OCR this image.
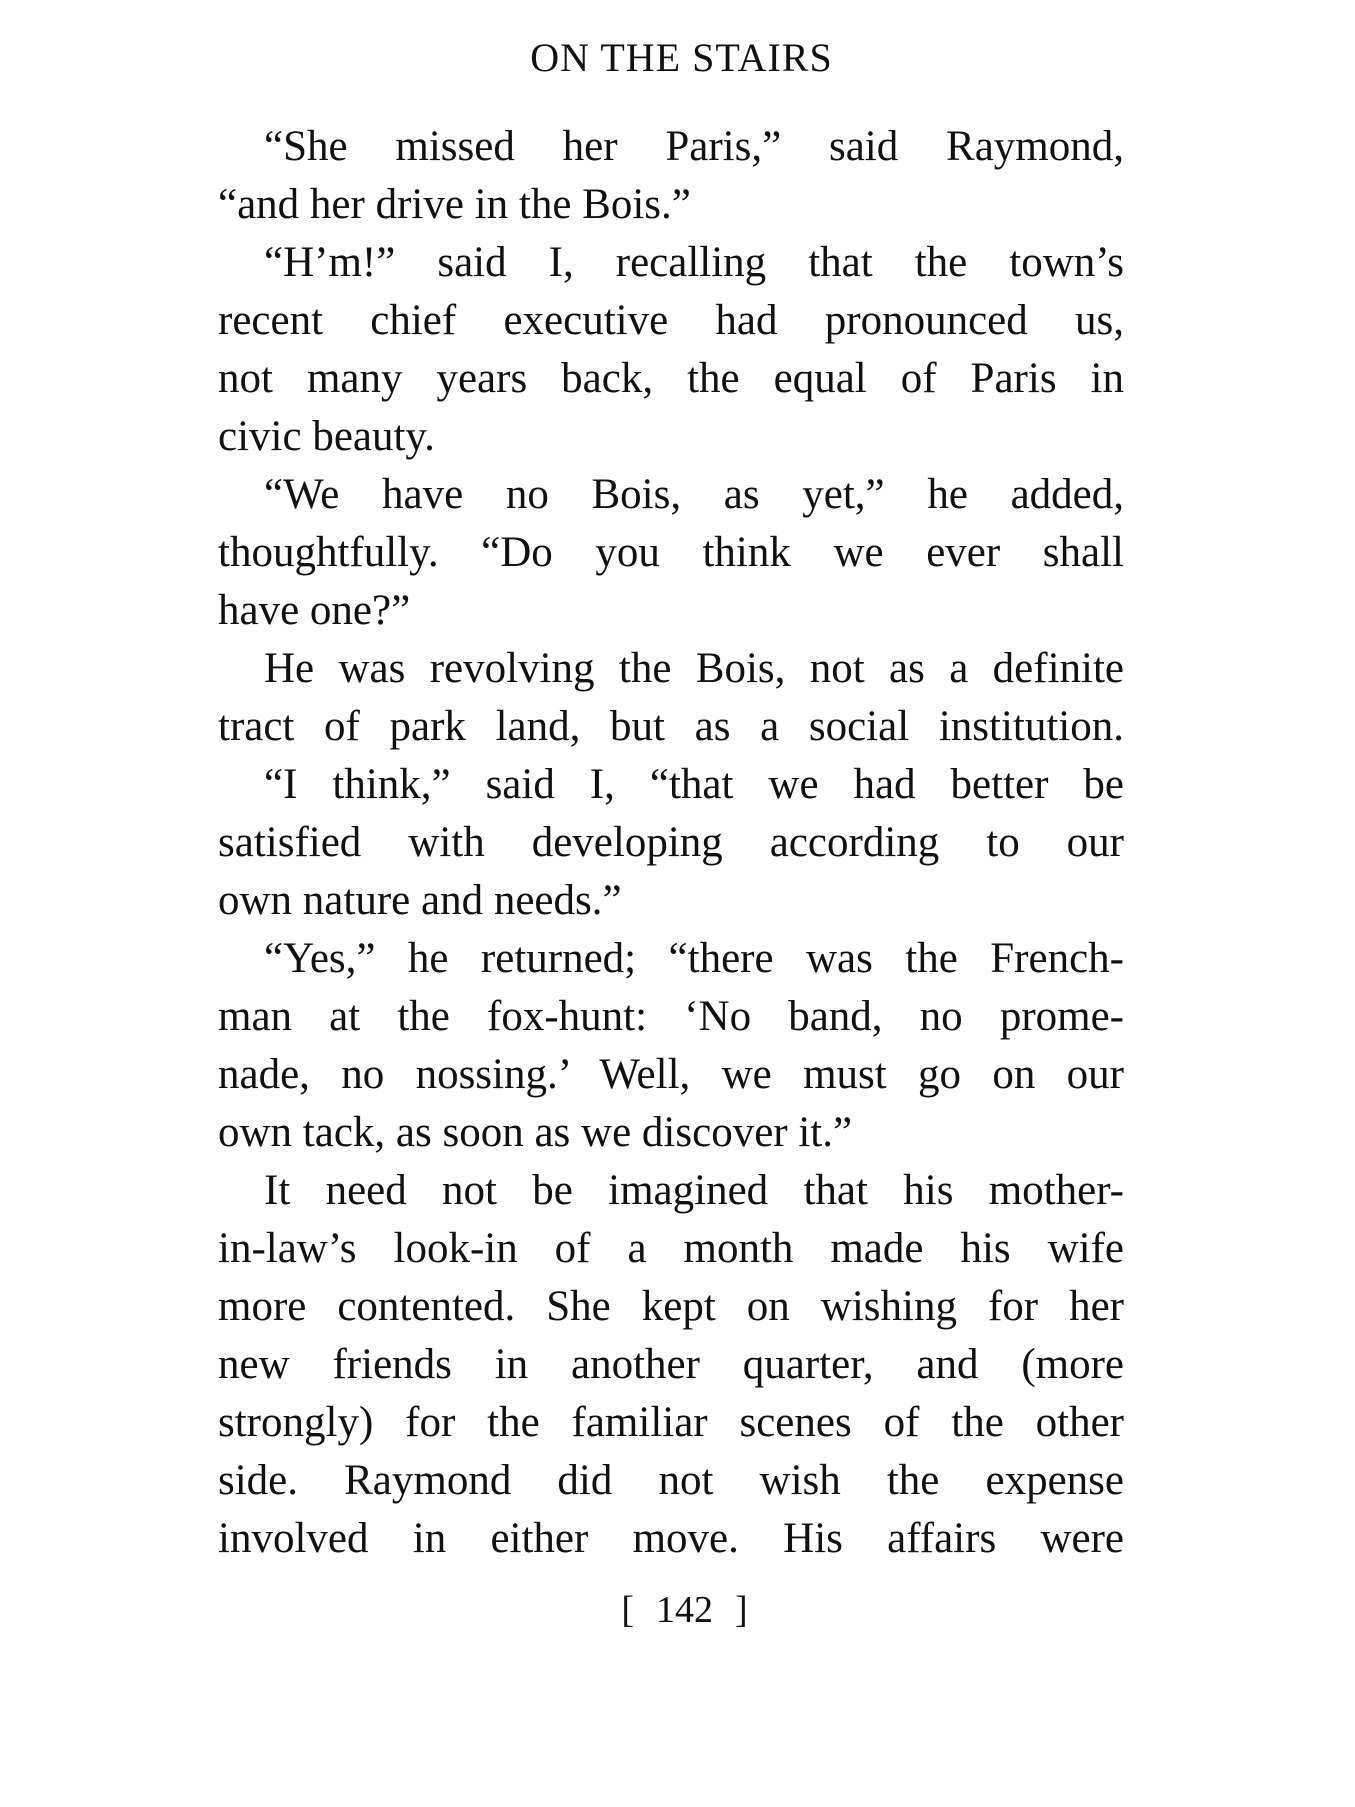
ON THE STAIRS
“She missed her Paris,” said Raymond,
“and her drive in the Bois.”
“H’m!” said I, recalling that the town’s
recent chief executive had pronounced us,
not many years back, the equal of Paris in
civic beauty.
“We have no Bois, as yet,” he added,
thoughtfully. “Do you think we ever shall
have one?”
He was revolving the Bois, not as a definite
tract of park land, but as a social institution.
“I think,” said I, “that we had better be
satisfied with developing according to our
own nature and needs.”
“Yes,” he returned; “there was the French-
man at the fox-hunt: ‘No band, no prome-
nade, no nossing.’ Well, we must go on our
own tack, as soon as we discover it.”
It need not be imagined that his mother-
in-law’s look-in of a month made his wife
more contented. She kept on wishing for her
new friends in another quarter, and (more
strongly) for the familiar scenes of the other
side. Raymond did not wish the expense
involved in either move. His affairs were
[ 142 ]
